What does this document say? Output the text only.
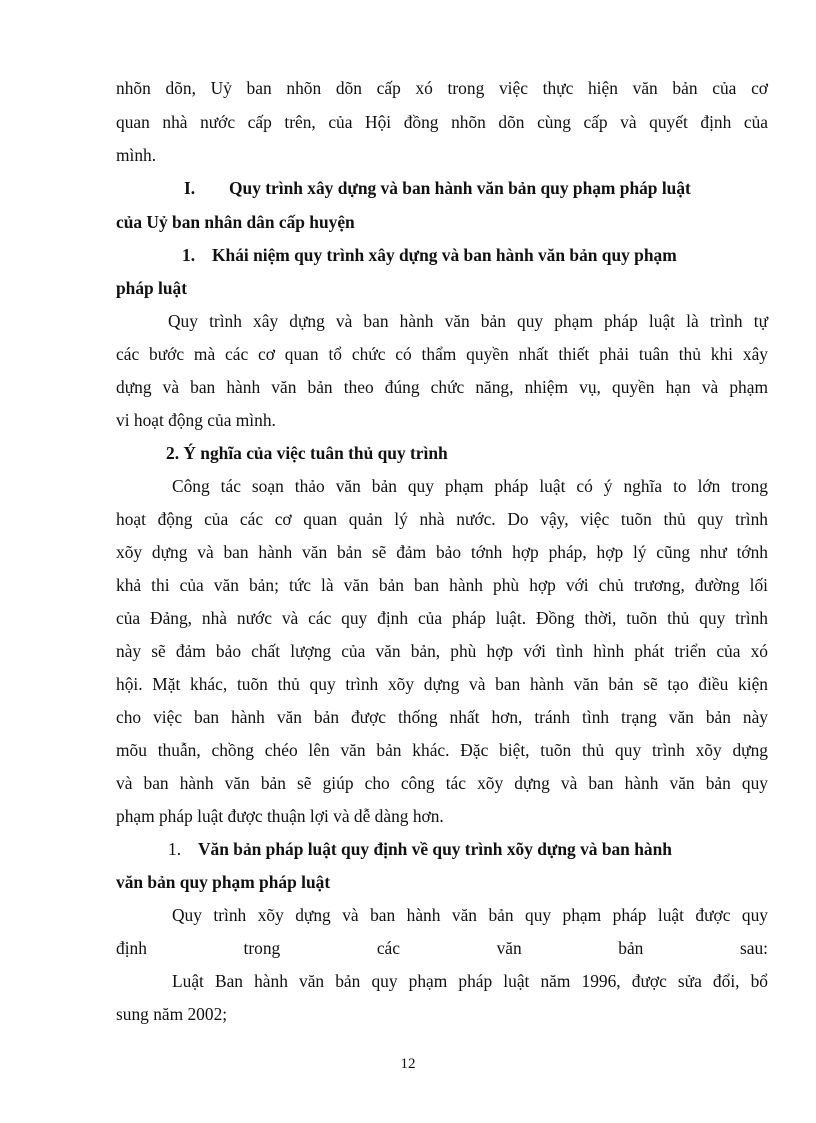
nhõn dõn, Uỷ ban nhõn dõn cấp xó trong việc thực hiện văn bản của cơ
quan nhà nước cấp trên, của Hội đồng nhõn dõn cùng cấp và quyết định của
mình.
I. Quy trình xây dựng và ban hành văn bản quy phạm pháp luật
của Uỷ ban nhân dân cấp huyện
1. Khái niệm quy trình xây dựng và ban hành văn bản quy phạm
pháp luật
Quy trình xây dựng và ban hành văn bản quy phạm pháp luật là trình tự
các bước mà các cơ quan tổ chức có thẩm quyền nhất thiết phải tuân thủ khi xây
dựng và ban hành văn bản theo đúng chức năng, nhiệm vụ, quyền hạn và phạm
vi hoạt động của mình.
2. Ý nghĩa của việc tuân thủ quy trình
Công tác soạn thảo văn bản quy phạm pháp luật có ý nghĩa to lớn trong
hoạt động của các cơ quan quản lý nhà nước. Do vậy, việc tuõn thủ quy trình
xõy dựng và ban hành văn bản sẽ đảm bảo tớnh hợp pháp, hợp lý cũng như tớnh
khả thi của văn bản; tức là văn bản ban hành phù hợp với chủ trương, đường lối
của Đảng, nhà nước và các quy định của pháp luật. Đồng thời, tuõn thủ quy trình
này sẽ đảm bảo chất lượng của văn bản, phù hợp với tình hình phát triển của xó
hội. Mặt khác, tuõn thủ quy trình xõy dựng và ban hành văn bản sẽ tạo điều kiện
cho việc ban hành văn bản được thống nhất hơn, tránh tình trạng văn bản này
mõu thuẫn, chồng chéo lên văn bản khác. Đặc biệt, tuõn thủ quy trình xõy dựng
và ban hành văn bản sẽ giúp cho công tác xõy dựng và ban hành văn bản quy
phạm pháp luật được thuận lợi và dễ dàng hơn.
1. Văn bản pháp luật quy định về quy trình xõy dựng và ban hành
văn bản quy phạm pháp luật
Quy trình xõy dựng và ban hành văn bản quy phạm pháp luật được quy
định trong các văn bản sau:
Luật Ban hành văn bản quy phạm pháp luật năm 1996, được sửa đổi, bổ
sung năm 2002;
12
